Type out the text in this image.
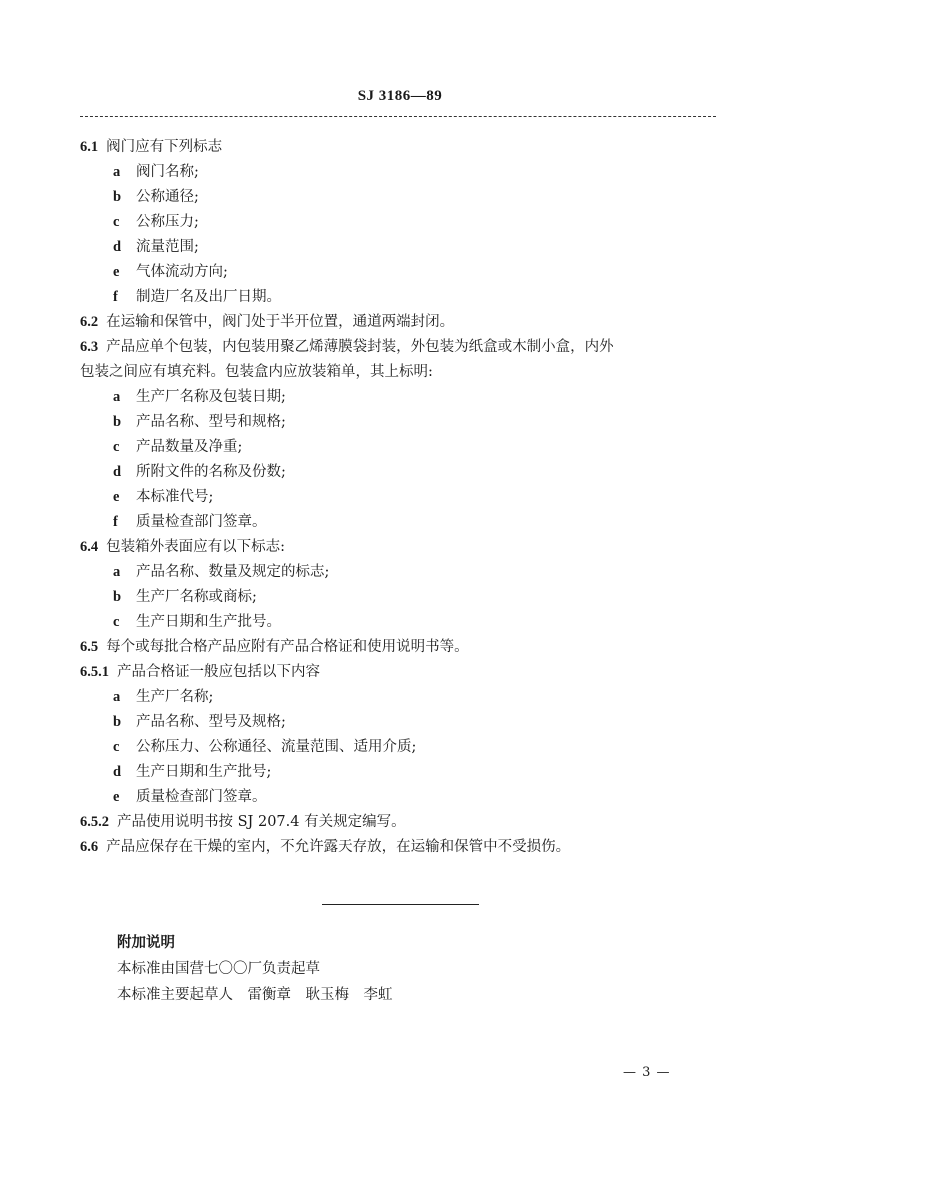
SJ 3186—89
6.1 阀门应有下列标志
a 阀门名称;
b 公称通径;
c 公称压力;
d 流量范围;
e 气体流动方向;
f 制造厂名及出厂日期。
6.2 在运输和保管中，阀门处于半开位置，通道两端封闭。
6.3 产品应单个包装，内包装用聚乙烯薄膜袋封装，外包装为纸盒或木制小盒，内外
包装之间应有填充料。包装盒内应放装箱单，其上标明:
a 生产厂名称及包装日期;
b 产品名称、型号和规格;
c 产品数量及净重;
d 所附文件的名称及份数;
e 本标准代号;
f 质量检查部门签章。
6.4 包装箱外表面应有以下标志:
a 产品名称、数量及规定的标志;
b 生产厂名称或商标;
c 生产日期和生产批号。
6.5 每个或每批合格产品应附有产品合格证和使用说明书等。
6.5.1 产品合格证一般应包括以下内容
a 生产厂名称;
b 产品名称、型号及规格;
c 公称压力、公称通径、流量范围、适用介质;
d 生产日期和生产批号;
e 质量检查部门签章。
6.5.2 产品使用说明书按 SJ 207.4 有关规定编写。
6.6 产品应保存在干燥的室内，不允许露天存放，在运输和保管中不受损伤。
附加说明
本标准由国营七〇〇厂负责起草
本标准主要起草人　雷衡章　耿玉梅　李虹
— 3 —
